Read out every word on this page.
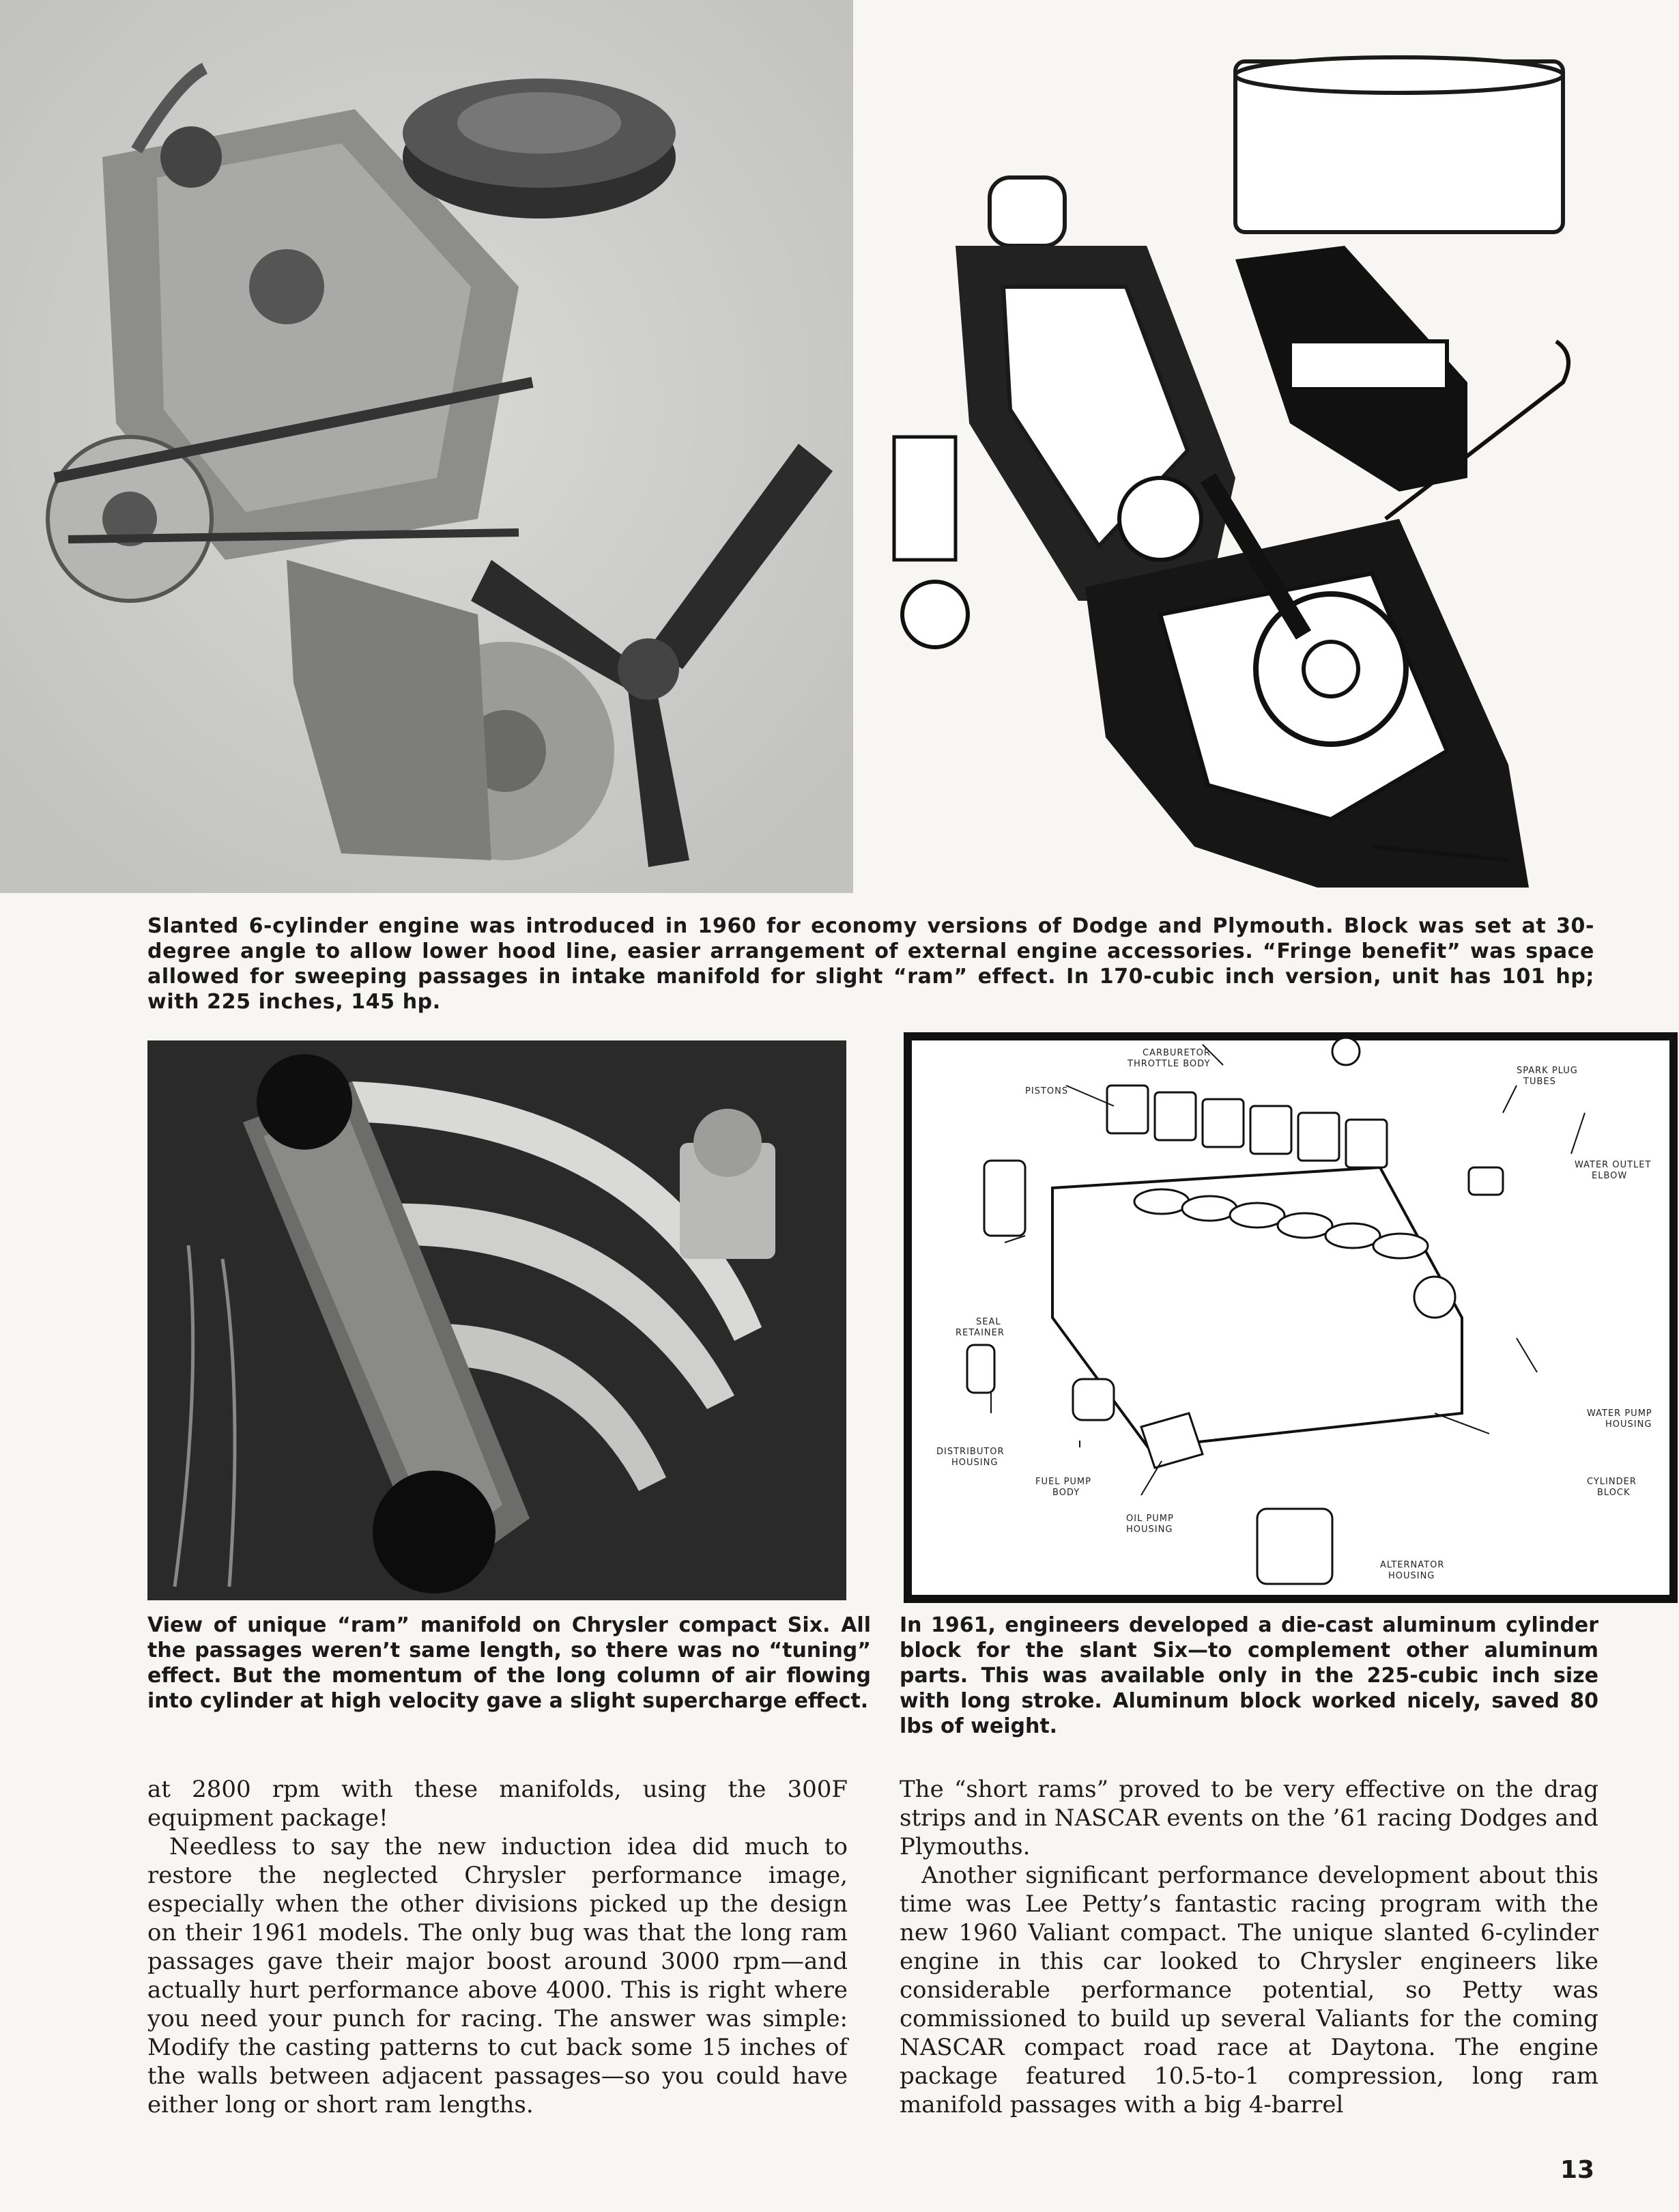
Slanted 6-cylinder engine was introduced in 1960 for economy versions of Dodge and Plymouth. Block was set at 30-degree angle to allow lower hood line, easier arrangement of external engine accessories. “Fringe benefit” was space allowed for sweeping passages in intake manifold for slight “ram” effect. In 170-cubic inch version, unit has 101 hp; with 225 inches, 145 hp.

CARBURETOR
THROTTLE BODY
PISTONS
SPARK PLUG
TUBES
WATER OUTLET
ELBOW
SEAL
RETAINER
WATER PUMP
HOUSING
DISTRIBUTOR
HOUSING
FUEL PUMP
BODY
CYLINDER
BLOCK
OIL PUMP
HOUSING
ALTERNATOR
HOUSING

View of unique “ram” manifold on Chrysler compact Six. All the passages weren’t same length, so there was no “tuning” effect. But the momentum of the long column of air flowing into cylinder at high velocity gave a slight supercharge effect.

In 1961, engineers developed a die-cast aluminum cylinder block for the slant Six—to complement other aluminum parts. This was available only in the 225-cubic inch size with long stroke. Aluminum block worked nicely, saved 80 lbs of weight.

at 2800 rpm with these manifolds, using the 300F equipment package!

Needless to say the new induction idea did much to restore the neglected Chrysler performance image, especially when the other divisions picked up the design on their 1961 models. The only bug was that the long ram passages gave their major boost around 3000 rpm—and actually hurt performance above 4000. This is right where you need your punch for racing. The answer was simple: Modify the casting patterns to cut back some 15 inches of the walls between adjacent passages—so you could have either long or short ram lengths.

The “short rams” proved to be very effective on the drag strips and in NASCAR events on the ’61 racing Dodges and Plymouths.

Another significant performance development about this time was Lee Petty’s fantastic racing program with the new 1960 Valiant compact. The unique slanted 6-cylinder engine in this car looked to Chrysler engineers like considerable performance potential, so Petty was commissioned to build up several Valiants for the coming NASCAR compact road race at Daytona. The engine package featured 10.5-to-1 compression, long ram manifold passages with a big 4-barrel

13
